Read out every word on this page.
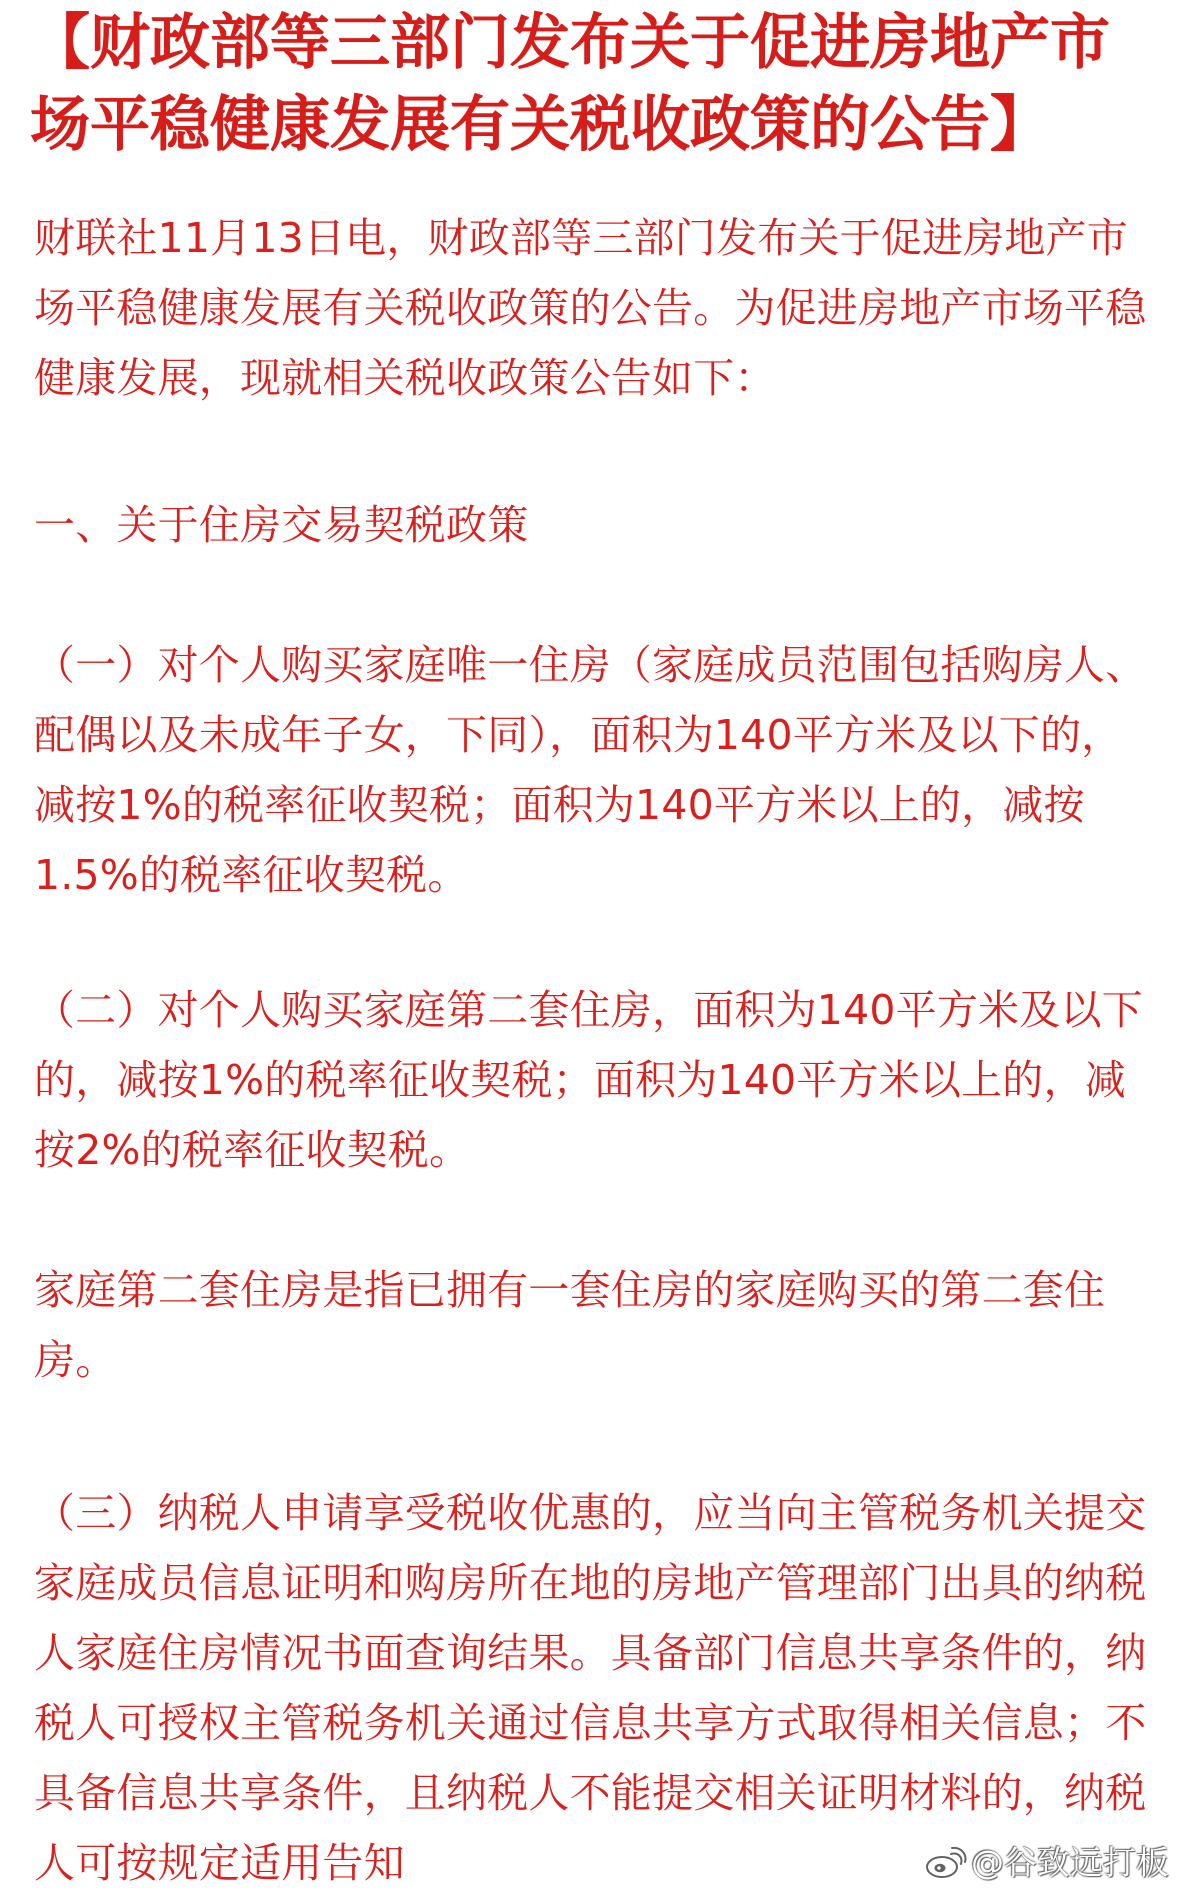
【财政部等三部门发布关于促进房地产市场平稳健康发展有关税收政策的公告】

财联社11月13日电，财政部等三部门发布关于促进房地产市场平稳健康发展有关税收政策的公告。为促进房地产市场平稳健康发展，现就相关税收政策公告如下：

一、关于住房交易契税政策

（一）对个人购买家庭唯一住房（家庭成员范围包括购房人、配偶以及未成年子女，下同），面积为140平方米及以下的，减按1%的税率征收契税；面积为140平方米以上的，减按1.5%的税率征收契税。

（二）对个人购买家庭第二套住房，面积为140平方米及以下的，减按1%的税率征收契税；面积为140平方米以上的，减按2%的税率征收契税。

家庭第二套住房是指已拥有一套住房的家庭购买的第二套住房。

（三）纳税人申请享受税收优惠的，应当向主管税务机关提交家庭成员信息证明和购房所在地的房地产管理部门出具的纳税人家庭住房情况书面查询结果。具备部门信息共享条件的，纳税人可授权主管税务机关通过信息共享方式取得相关信息；不具备信息共享条件，且纳税人不能提交相关证明材料的，纳税人可按规定适用告知	@谷致远打板
